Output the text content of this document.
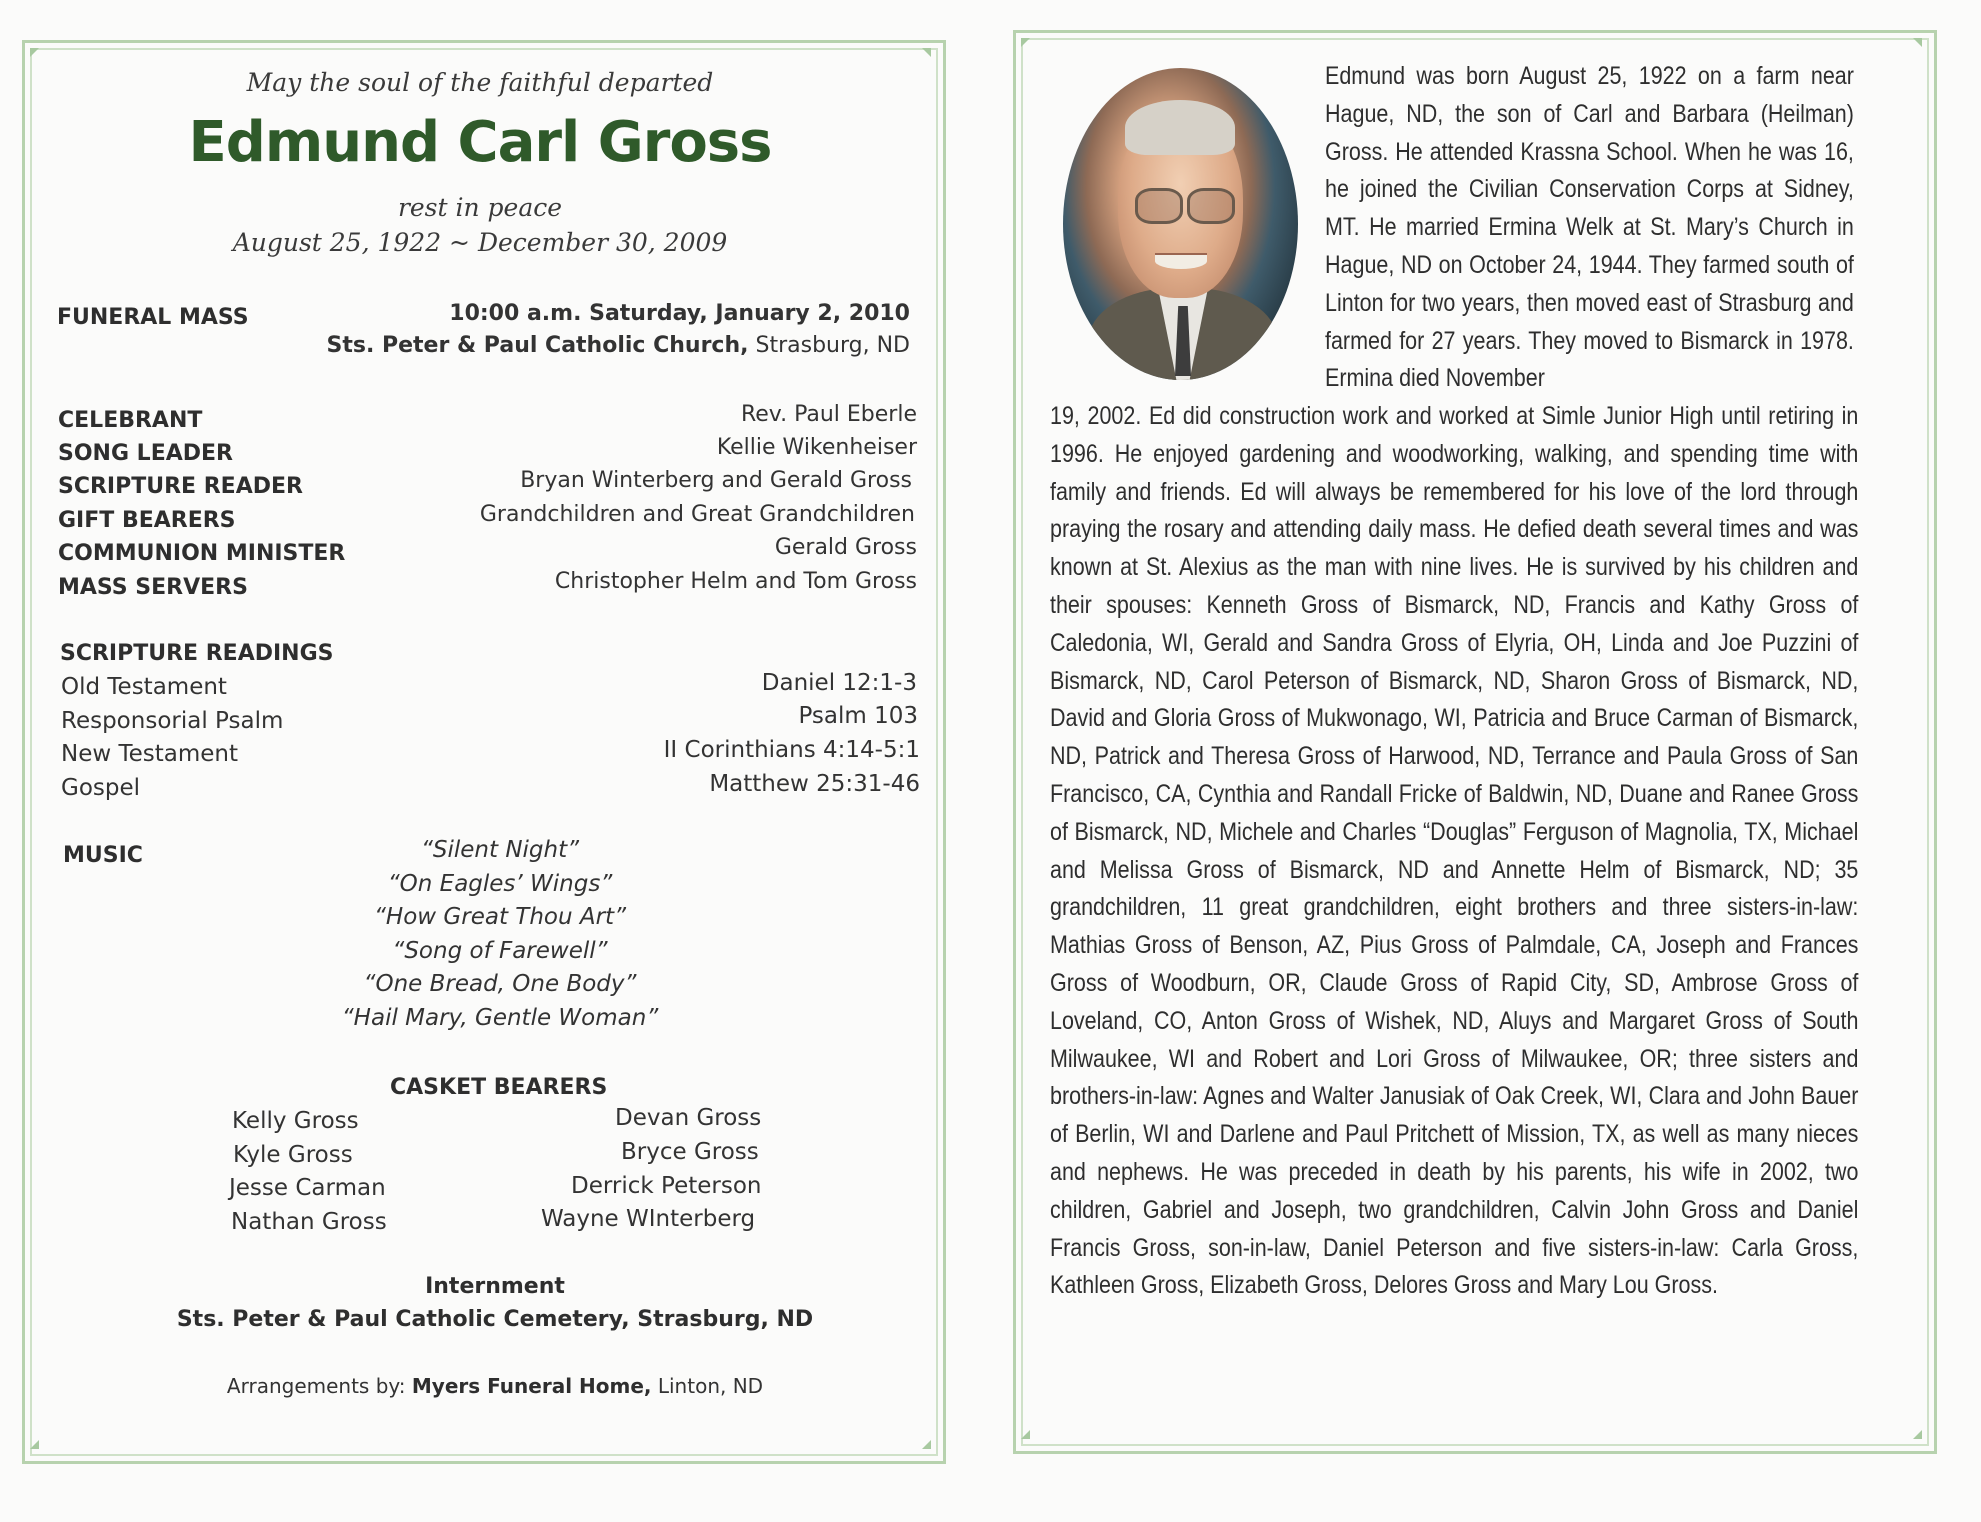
May the soul of the faithful departed
Edmund Carl Gross
rest in peace
August 25, 1922 ~ December 30, 2009
FUNERAL MASS	10:00 a.m. Saturday, January 2, 2010
Sts. Peter & Paul Catholic Church, Strasburg, ND
CELEBRANT	Rev. Paul Eberle
SONG LEADER	Kellie Wikenheiser
SCRIPTURE READER	Bryan Winterberg and Gerald Gross
GIFT BEARERS	Grandchildren and Great Grandchildren
COMMUNION MINISTER	Gerald Gross
MASS SERVERS	Christopher Helm and Tom Gross
SCRIPTURE READINGS
Old Testament	Daniel 12:1-3
Responsorial Psalm	Psalm 103
New Testament	II Corinthians 4:14-5:1
Gospel	Matthew 25:31-46
MUSIC	“Silent Night”
“On Eagles’ Wings”
“How Great Thou Art”
“Song of Farewell”
“One Bread, One Body”
“Hail Mary, Gentle Woman”
CASKET BEARERS
Kelly Gross
Kyle Gross
Jesse Carman
Nathan Gross
Devan Gross
Bryce Gross
Derrick Peterson
Wayne WInterberg
Internment
Sts. Peter & Paul Catholic Cemetery, Strasburg, ND
Arrangements by: Myers Funeral Home, Linton, ND
Edmund was born August 25, 1922 on a farm near Hague, ND, the son of Carl and Barbara (Heilman) Gross. He attended Krassna School. When he was 16, he joined the Civilian Conservation Corps at Sidney, MT. He married Ermina Welk at St. Mary’s Church in Hague, ND on October 24, 1944. They farmed south of Linton for two years, then moved east of Strasburg and farmed for 27 years. They moved to Bismarck in 1978. Ermina died November

19, 2002. Ed did construction work and worked at Simle Junior High until retiring in 1996. He enjoyed gardening and woodworking, walking, and spending time with family and friends. Ed will always be remembered for his love of the lord through praying the rosary and attending daily mass. He defied death several times and was known at St. Alexius as the man with nine lives. He is survived by his children and their spouses: Kenneth Gross of Bismarck, ND, Francis and Kathy Gross of Caledonia, WI, Gerald and Sandra Gross of Elyria, OH, Linda and Joe Puzzini of Bismarck, ND, Carol Peterson of Bismarck, ND, Sharon Gross of Bismarck, ND, David and Gloria Gross of Mukwonago, WI, Patricia and Bruce Carman of Bismarck, ND, Patrick and Theresa Gross of Harwood, ND, Terrance and Paula Gross of San Francisco, CA, Cynthia and Randall Fricke of Baldwin, ND, Duane and Ranee Gross of Bismarck, ND, Michele and Charles “Douglas” Ferguson of Magnolia, TX, Michael and Melissa Gross of Bismarck, ND and Annette Helm of Bismarck, ND; 35 grandchildren, 11 great grandchildren, eight brothers and three sisters-in-law: Mathias Gross of Benson, AZ, Pius Gross of Palmdale, CA, Joseph and Frances Gross of Woodburn, OR, Claude Gross of Rapid City, SD, Ambrose Gross of Loveland, CO, Anton Gross of Wishek, ND, Aluys and Margaret Gross of South Milwaukee, WI and Robert and Lori Gross of Milwaukee, OR; three sisters and brothers-in-law: Agnes and Walter Janusiak of Oak Creek, WI, Clara and John Bauer of Berlin, WI and Darlene and Paul Pritchett of Mission, TX, as well as many nieces and nephews. He was preceded in death by his parents, his wife in 2002, two children, Gabriel and Joseph, two grandchildren, Calvin John Gross and Daniel Francis Gross, son-in-law, Daniel Peterson and five sisters-in-law: Carla Gross, Kathleen Gross, Elizabeth Gross, Delores Gross and Mary Lou Gross.
